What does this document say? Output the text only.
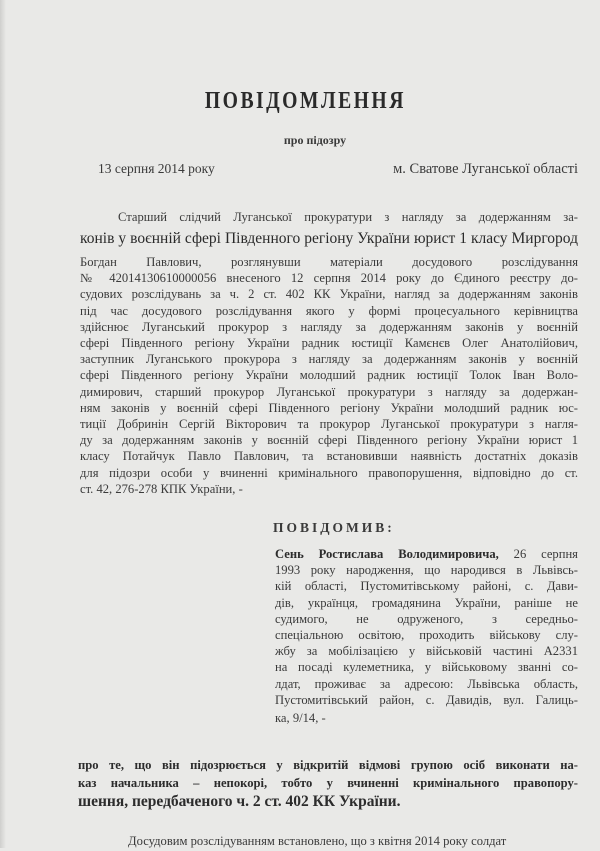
ПОВІДОМЛЕННЯ
про підозру
13 серпня 2014 року	м. Сватове Луганської області
Старший слідчий Луганської прокуратури з нагляду за додержанням за-
конів у воєнній сфері Південного регіону України юрист 1 класу Миргород
Богдан Павлович, розглянувши матеріали досудового розслідування
№ 42014130610000056 внесеного 12 серпня 2014 року до Єдиного реєстру до-
судових розслідувань за ч. 2 ст. 402 КК України, нагляд за додержанням законів
під час досудового розслідування якого у формі процесуального керівництва
здійснює Луганський прокурор з нагляду за додержанням законів у воєнній
сфері Південного регіону України радник юстиції Камєнєв Олег Анатолійович,
заступник Луганського прокурора з нагляду за додержанням законів у воєнній
сфері Південного регіону України молодший радник юстиції Толок Іван Воло-
димирович, старший прокурор Луганської прокуратури з нагляду за додержан-
ням законів у воєнній сфері Південного регіону України молодший радник юс-
тиції Добринін Сергій Вікторович та прокурор Луганської прокуратури з нагля-
ду за додержанням законів у воєнній сфері Південного регіону України юрист 1
класу Потайчук Павло Павлович, та встановивши наявність достатніх доказів
для підозри особи у вчиненні кримінального правопорушення, відповідно до ст.
ст. 42, 276-278 КПК України, -
ПОВІДОМИВ:
Сень Ростислава Володимировича, 26 серпня
1993 року народження, що народився в Львівсь-
кій області, Пустомитівському районі, с. Дави-
дів, українця, громадянина України, раніше не
судимого, не одруженого, з середньо-
спеціальною освітою, проходить військову слу-
жбу за мобілізацією у військовій частині А2331
на посаді кулеметника, у військовому званні со-
лдат, проживає за адресою: Львівська область,
Пустомитівський район, с. Давидів, вул. Галиць-
ка, 9/14, -
про те, що він підозрюється у відкритій відмові групою осіб виконати на-
каз начальника – непокорі, тобто у вчиненні кримінального правопору-
шення, передбаченого ч. 2 ст. 402 КК України.
Досудовим розслідуванням встановлено, що з квітня 2014 року солдат
